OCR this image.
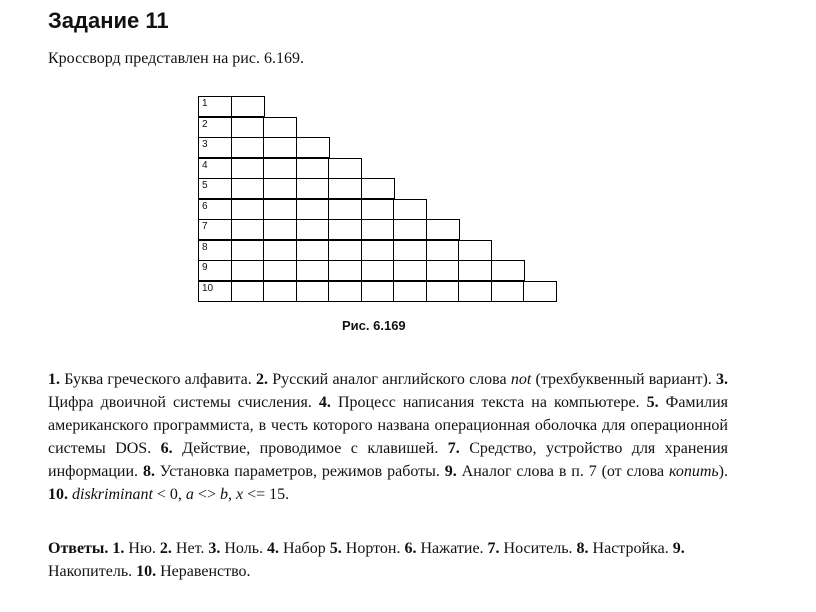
Задание 11
Кроссворд представлен на рис. 6.169.
1
2
3
4
5
6
7
8
9
10
Рис. 6.169
1. Буква греческого алфавита. 2. Русский аналог английского слова not (трехбуквенный вариант). 3. Цифра двоичной системы счисления. 4. Процесс написания текста на компьютере. 5. Фамилия американского программиста, в честь которого названа операционная оболочка для операционной системы DOS. 6. Действие, проводимое с клавишей. 7. Средство, устройство для хранения информации. 8. Установка параметров, режимов работы. 9. Аналог слова в п. 7 (от слова копить). 10. diskriminant < 0, a <> b, x <= 15.
Ответы. 1. Ню. 2. Нет. 3. Ноль. 4. Набор 5. Нортон. 6. Нажатие. 7. Носитель. 8. Настройка. 9. Накопитель. 10. Неравенство.
